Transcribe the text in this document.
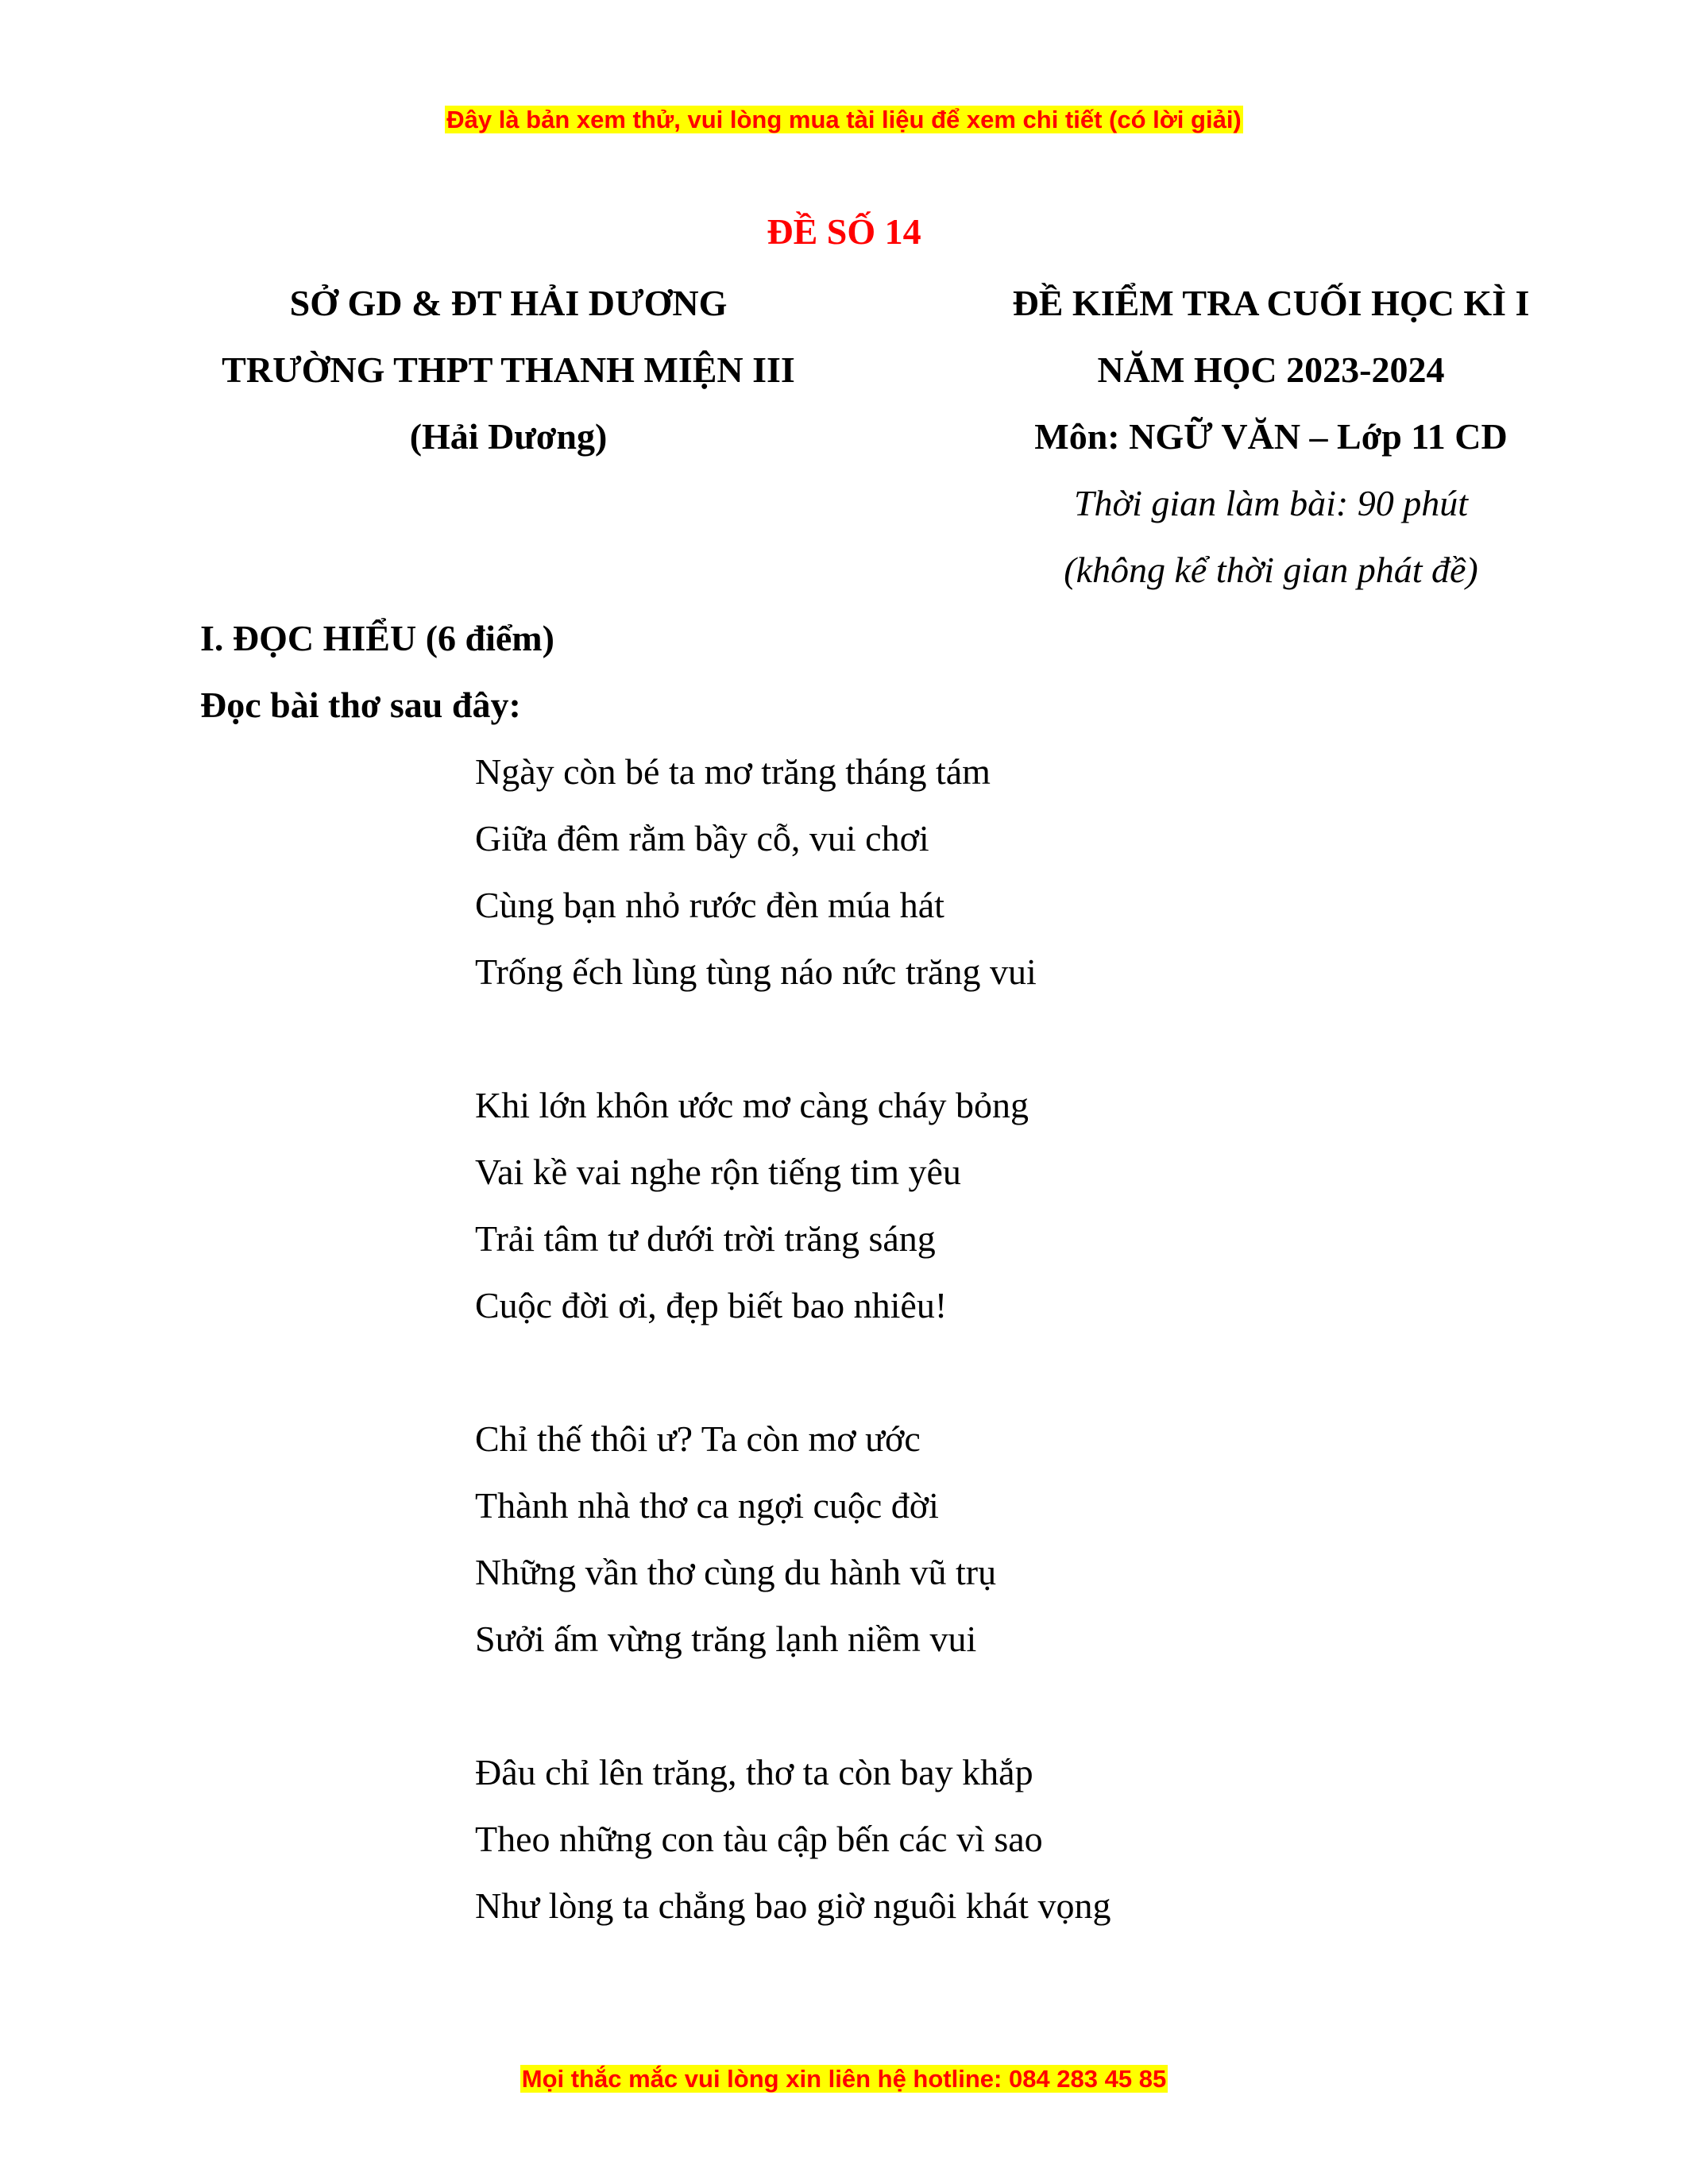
Đây là bản xem thử, vui lòng mua tài liệu để xem chi tiết (có lời giải)
ĐỀ SỐ 14
SỞ GD & ĐT HẢI DƯƠNG
TRƯỜNG THPT THANH MIỆN III
(Hải Dương)
ĐỀ KIỂM TRA CUỐI HỌC KÌ I
NĂM HỌC 2023-2024
Môn: NGỮ VĂN – Lớp 11 CD
Thời gian làm bài: 90 phút
(không kể thời gian phát đề)
I. ĐỌC HIỂU (6 điểm)
Đọc bài thơ sau đây:
Ngày còn bé ta mơ trăng tháng tám
Giữa đêm rằm bầy cỗ, vui chơi
Cùng bạn nhỏ rước đèn múa hát
Trống ếch lùng tùng náo nức trăng vui
Khi lớn khôn ước mơ càng cháy bỏng
Vai kề vai nghe rộn tiếng tim yêu
Trải tâm tư dưới trời trăng sáng
Cuộc đời ơi, đẹp biết bao nhiêu!
Chỉ thế thôi ư? Ta còn mơ ước
Thành nhà thơ ca ngợi cuộc đời
Những vần thơ cùng du hành vũ trụ
Sưởi ấm vừng trăng lạnh niềm vui
Đâu chỉ lên trăng, thơ ta còn bay khắp
Theo những con tàu cập bến các vì sao
Như lòng ta chẳng bao giờ nguôi khát vọng
Mọi thắc mắc vui lòng xin liên hệ hotline: 084 283 45 85
